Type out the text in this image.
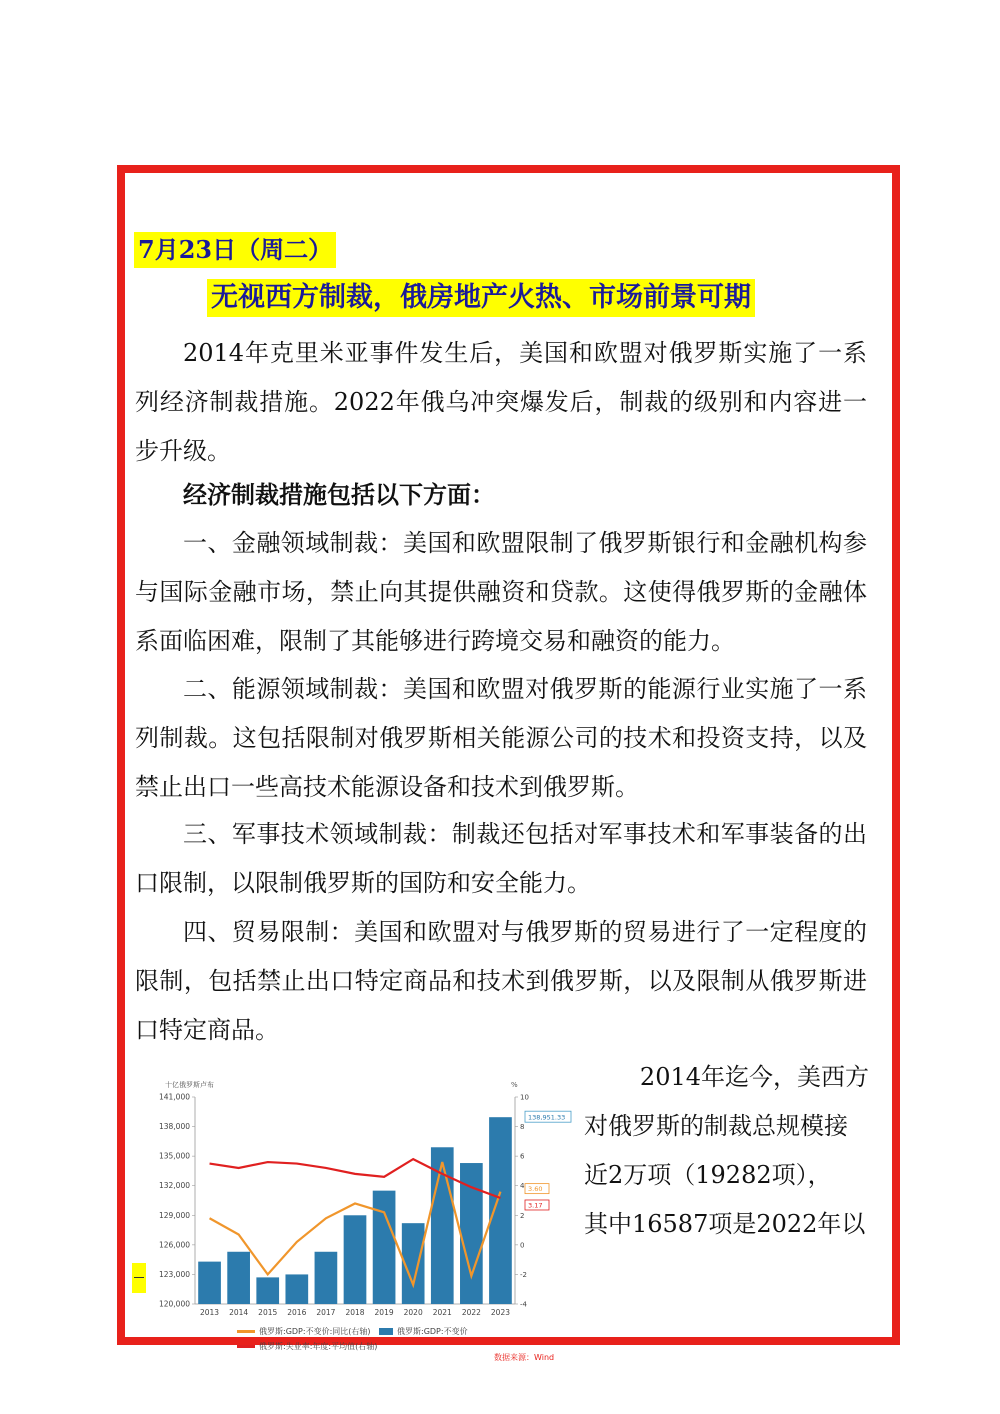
7月23日（周二）
无视西方制裁，俄房地产火热、市场前景可期

2014年克里米亚事件发生后，美国和欧盟对俄罗斯实施了一系列经济制裁措施。2022年俄乌冲突爆发后，制裁的级别和内容进一步升级。

经济制裁措施包括以下方面：

一、金融领域制裁：美国和欧盟限制了俄罗斯银行和金融机构参与国际金融市场，禁止向其提供融资和贷款。这使得俄罗斯的金融体系面临困难，限制了其能够进行跨境交易和融资的能力。

二、能源领域制裁：美国和欧盟对俄罗斯的能源行业实施了一系列制裁。这包括限制对俄罗斯相关能源公司的技术和投资支持，以及禁止出口一些高技术能源设备和技术到俄罗斯。

三、军事技术领域制裁：制裁还包括对军事技术和军事装备的出口限制，以限制俄罗斯的国防和安全能力。

四、贸易限制：美国和欧盟对与俄罗斯的贸易进行了一定程度的限制，包括禁止出口特定商品和技术到俄罗斯，以及限制从俄罗斯进口特定商品。

2014年迄今，美西方

对俄罗斯的制裁总规模接

近2万项（19282项），

其中16587项是2022年以

十亿俄罗斯卢布	%
141,000
138,000
135,000
132,000
129,000
126,000
123,000
120,000
10
8
6
4
2
0
-2
-4
2013 2014 2015 2016 2017 2018 2019 2020 2021 2022 2023
138,951.33
3.60
3.17
俄罗斯:GDP:不变价:同比(右轴)	俄罗斯:GDP:不变价
俄罗斯:失业率:年度:平均值(右轴)
数据来源：Wind
